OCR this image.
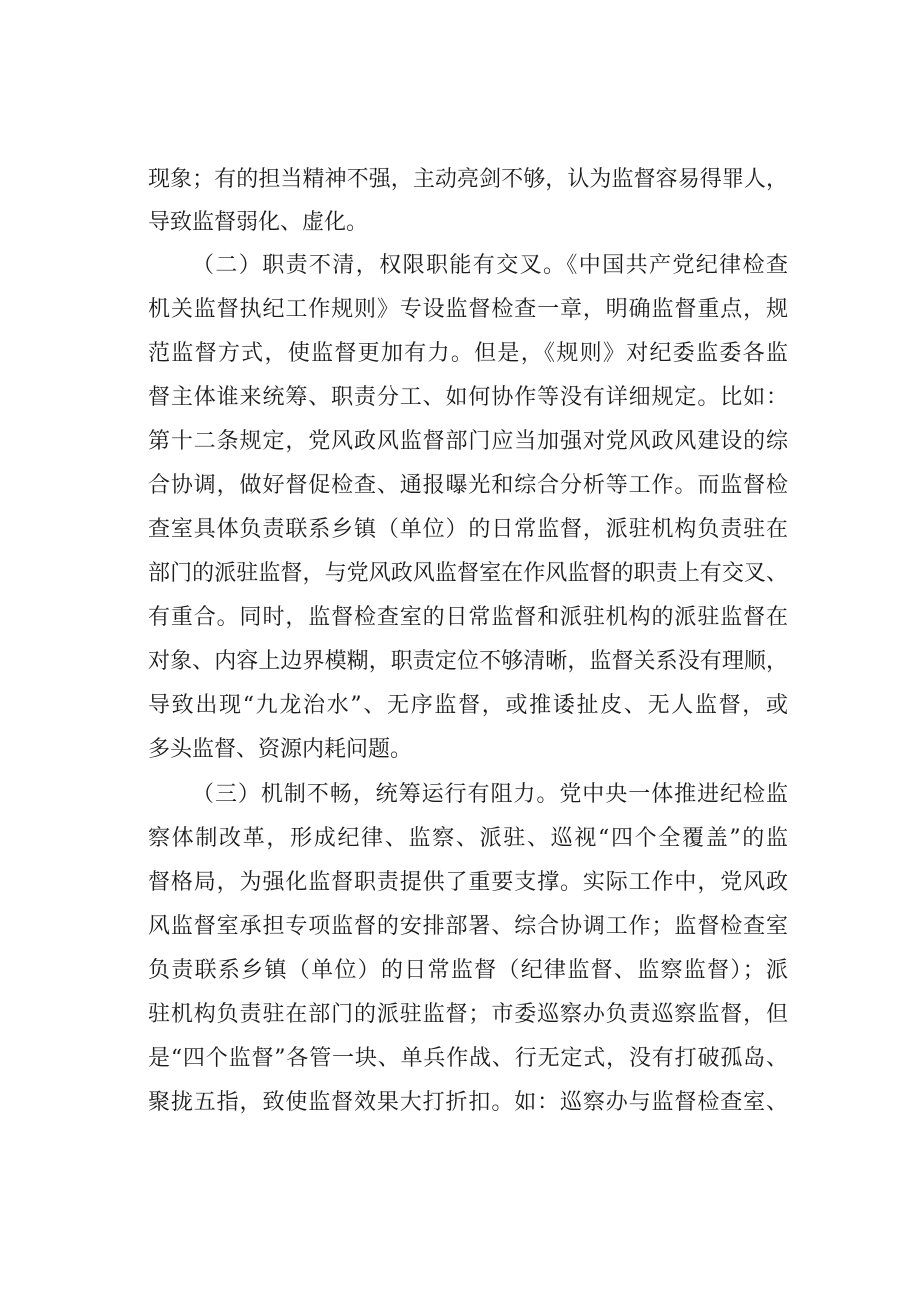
现象；有的担当精神不强，主动亮剑不够，认为监督容易得罪人，
导致监督弱化、虚化。
（二）职责不清，权限职能有交叉。《中国共产党纪律检查
机关监督执纪工作规则》专设监督检查一章，明确监督重点，规
范监督方式，使监督更加有力。但是，《规则》对纪委监委各监
督主体谁来统筹、职责分工、如何协作等没有详细规定。比如：
第十二条规定，党风政风监督部门应当加强对党风政风建设的综
合协调，做好督促检查、通报曝光和综合分析等工作。而监督检
查室具体负责联系乡镇（单位）的日常监督，派驻机构负责驻在
部门的派驻监督，与党风政风监督室在作风监督的职责上有交叉、
有重合。同时，监督检查室的日常监督和派驻机构的派驻监督在
对象、内容上边界模糊，职责定位不够清晰，监督关系没有理顺，
导致出现“九龙治水”、无序监督，或推诿扯皮、无人监督，或
多头监督、资源内耗问题。
（三）机制不畅，统筹运行有阻力。党中央一体推进纪检监
察体制改革，形成纪律、监察、派驻、巡视“四个全覆盖”的监
督格局，为强化监督职责提供了重要支撑。实际工作中，党风政
风监督室承担专项监督的安排部署、综合协调工作；监督检查室
负责联系乡镇（单位）的日常监督（纪律监督、监察监督）；派
驻机构负责驻在部门的派驻监督；市委巡察办负责巡察监督，但
是“四个监督”各管一块、单兵作战、行无定式，没有打破孤岛、
聚拢五指，致使监督效果大打折扣。如：巡察办与监督检查室、
